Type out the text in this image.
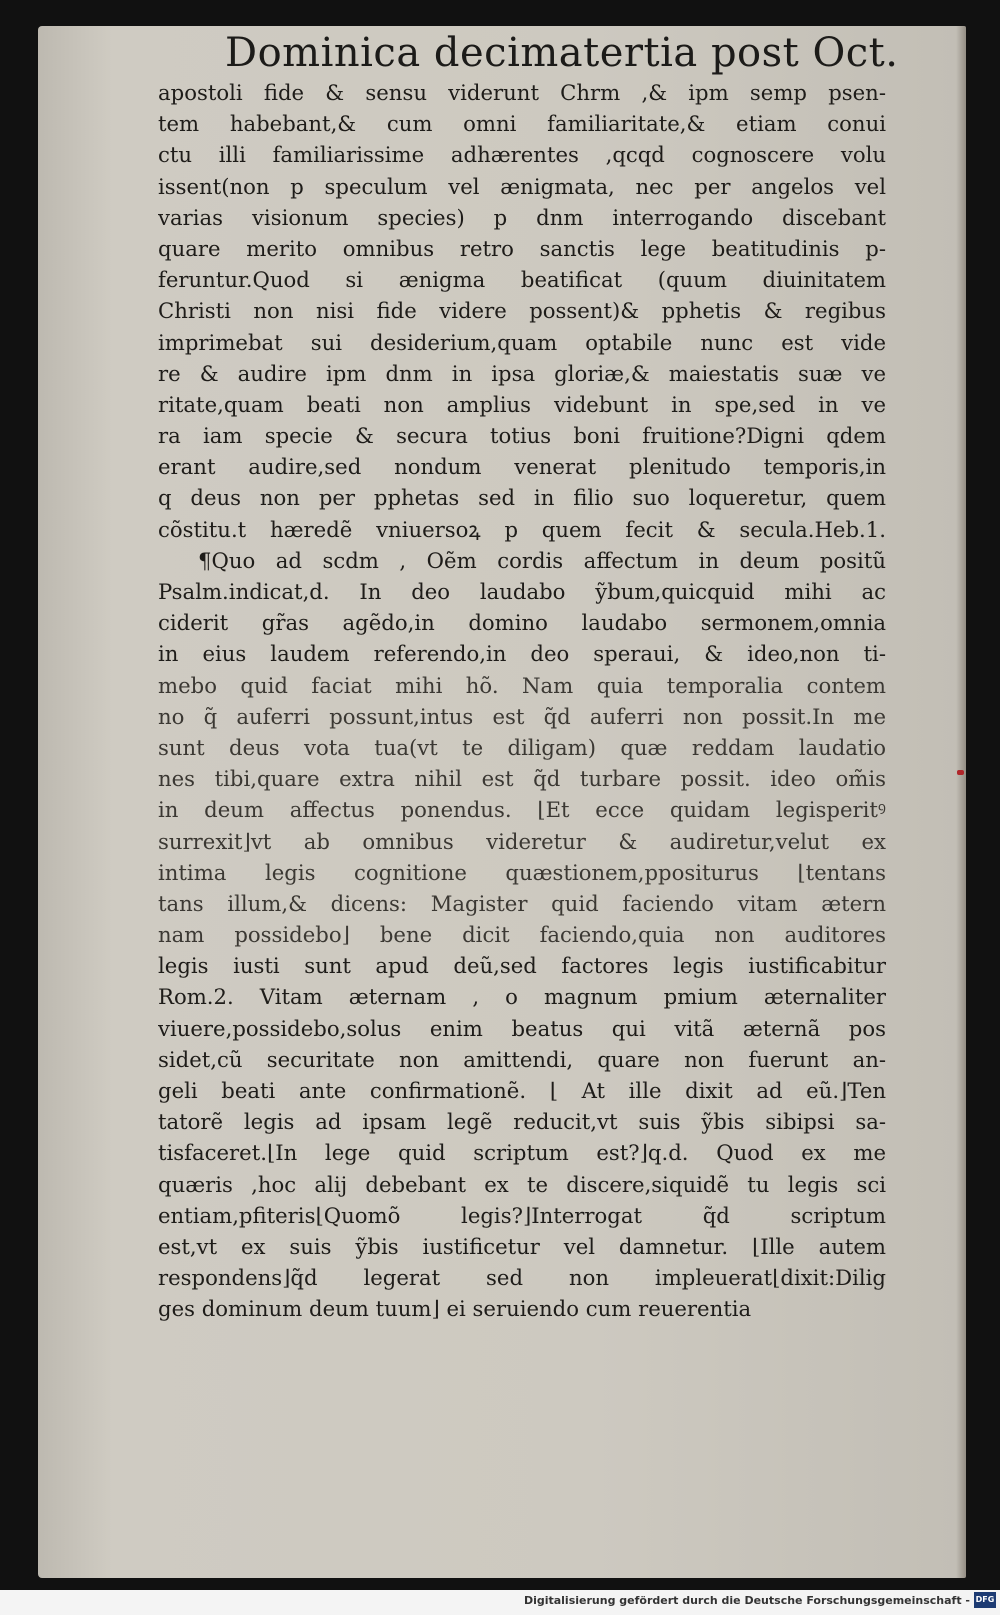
Dominica decimatertia post Oct.
apostoli fide & sensu viderunt Chrm ,& ipm semp psen-
tem habebant,& cum omni familiaritate,& etiam conui
ctu illi familiarissime adhærentes ,qcqd cognoscere volu
issent(non p speculum vel ænigmata, nec per angelos vel
varias visionum species) p dnm interrogando discebant
quare merito omnibus retro sanctis lege beatitudinis p-
feruntur.Quod si ænigma beatificat (quum diuinitatem
Christi non nisi fide videre possent)& pphetis & regibus
imprimebat sui desiderium,quam optabile nunc est vide
re & audire ipm dnm in ipsa gloriæ,& maiestatis suæ ve
ritate,quam beati non amplius videbunt in spe,sed in ve
ra iam specie & secura totius boni fruitione?Digni qdem
erant audire,sed nondum venerat plenitudo temporis,in
q deus non per pphetas sed in filio suo loqueretur, quem
cõstitu.t hæredẽ vniuersoꝝ p quem fecit & secula.Heb.1.
¶Quo ad scdm , Oẽm cordis affectum in deum positũ
Psalm.indicat,d. In deo laudabo ỹbum,quicquid mihi ac
ciderit gr̃as agẽdo,in domino laudabo sermonem,omnia
in eius laudem referendo,in deo speraui, & ideo,non ti-
mebo quid faciat mihi hõ. Nam quia temporalia contem
no q̃ auferri possunt,intus est q̃d auferri non possit.In me
sunt deus vota tua(vt te diligam) quæ reddam laudatio
nes tibi,quare extra nihil est q̃d turbare possit. ideo om̃is
in deum affectus ponendus. ⌊Et ecce quidam legisperitꝰ
surrexit⌋vt ab omnibus videretur & audiretur,velut ex
intima legis cognitione quæstionem,ppositurus ⌊tentans
tans illum,& dicens: Magister quid faciendo vitam ætern
nam possidebo⌋ bene dicit faciendo,quia non auditores
legis iusti sunt apud deũ,sed factores legis iustificabitur
Rom.2. Vitam æternam , o magnum pmium æternaliter
viuere,possidebo,solus enim beatus qui vitã æternã pos
sidet,cũ securitate non amittendi, quare non fuerunt an-
geli beati ante confirmationẽ. ⌊ At ille dixit ad eũ.⌋Ten
tatorẽ legis ad ipsam legẽ reducit,vt suis ỹbis sibipsi sa-
tisfaceret.⌊In lege quid scriptum est?⌋q.d. Quod ex me
quæris ,hoc alij debebant ex te discere,siquidẽ tu legis sci
entiam,pfiteris⌊Quomõ legis?⌋Interrogat q̃d scriptum
est,vt ex suis ỹbis iustificetur vel damnetur. ⌊Ille autem
respondens⌋q̃d legerat sed non impleuerat⌊dixit:Dilig
ges dominum deum tuum⌋ ei seruiendo cum reuerentia
Digitalisierung gefördert durch die Deutsche Forschungsgemeinschaft - DFG
